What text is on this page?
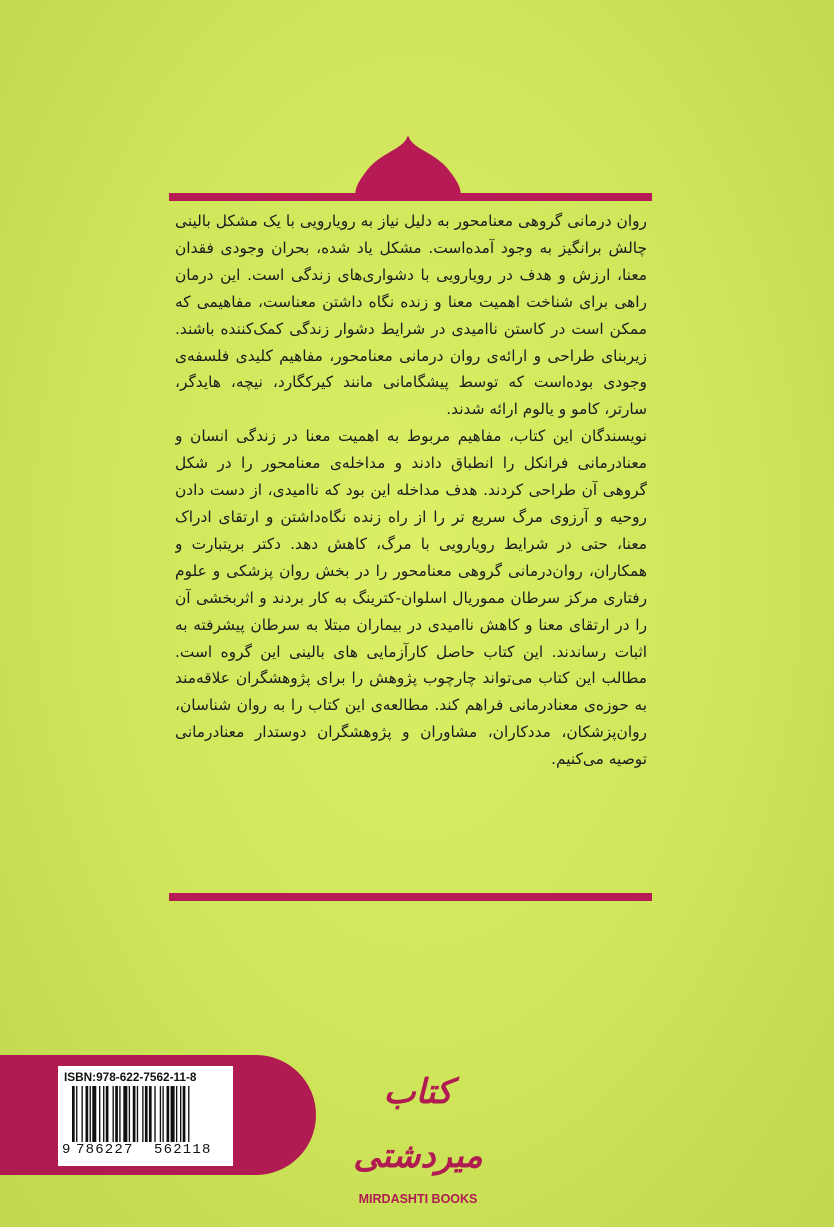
روان درمانی گروهی معنامحور به دلیل نیاز به رویارویی با یک مشکل بالینی چالش برانگیز به وجود آمده‌است. مشکل یاد شده، بحران وجودی فقدان معنا، ارزش و هدف در رویارویی با دشواری‌های زندگی است. این درمان راهی برای شناخت اهمیت معنا و زنده نگاه داشتن معناست، مفاهیمی که ممکن است در کاستن ناامیدی در شرایط دشوار زندگی کمک‌کننده باشند. زیربنای طراحی و ارائه‌ی روان درمانی معنامحور، مفاهیم کلیدی فلسفه‌ی وجودی بوده‌است که توسط پیشگامانی مانند کیرکگارد، نیچه، هایدگر، سارتر، کامو و یالوم ارائه شدند.

نویسندگان این کتاب، مفاهیم مربوط به اهمیت معنا در زندگی انسان و معنادرمانی فرانکل را انطباق دادند و مداخله‌ی معنامحور را در شکل گروهی آن طراحی کردند. هدف مداخله این بود که ناامیدی، از دست دادن روحیه و آرزوی مرگ سریع تر را از راه زنده نگاه‌داشتن و ارتقای ادراک معنا، حتی در شرایط رویارویی با مرگ، کاهش دهد. دکتر بریتبارت و همکاران، روان‌درمانی گروهی معنامحور را در بخش روان پزشکی و علوم رفتاری مرکز سرطان مموریال اسلوان-کترینگ به کار بردند و اثربخشی آن را در ارتقای معنا و کاهش ناامیدی در بیماران مبتلا به سرطان پیشرفته به اثبات رساندند. این کتاب حاصل کارآزمایی های بالینی این گروه است. مطالب این کتاب می‌تواند چارچوب پژوهش را برای پژوهشگران علاقه‌مند به حوزه‌ی معنادرمانی فراهم کند. مطالعه‌ی این کتاب را به روان شناسان، روان‌پزشکان، مددکاران، مشاوران و پژوهشگران دوستدار معنادرمانی توصیه می‌کنیم.

ISBN:978-622-7562-11-8
9 786227 562118
کتاب میردشتی
MIRDASHTI BOOKS
